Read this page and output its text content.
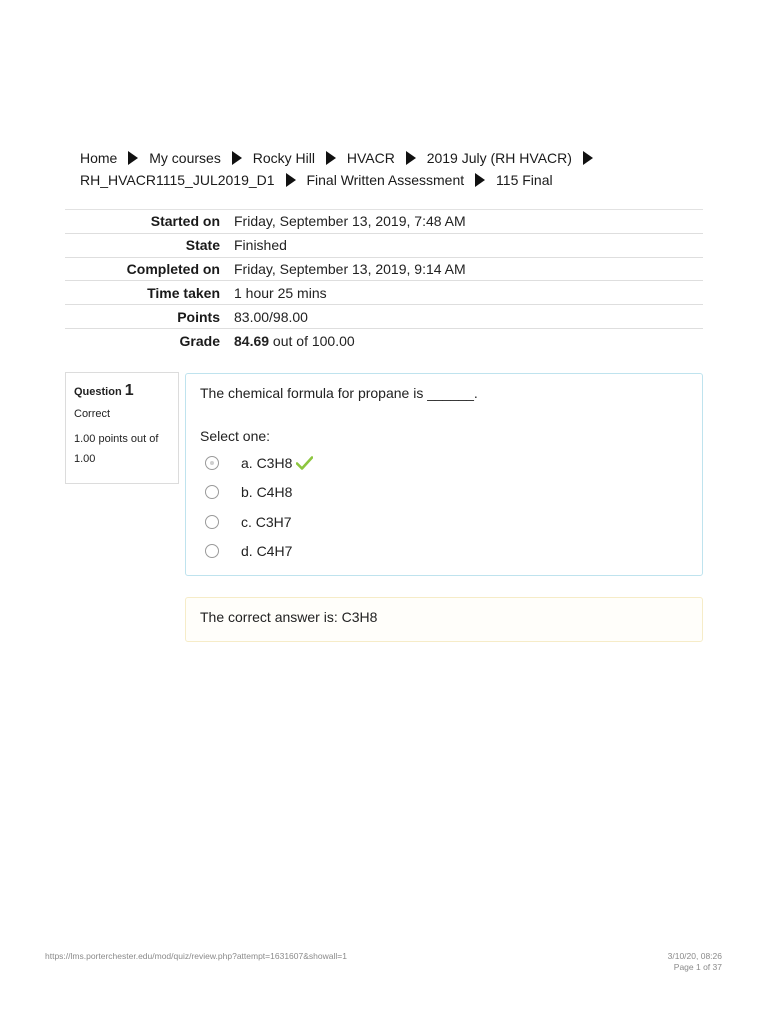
Home My courses Rocky Hill HVACR 2019 July (RH HVACR)
RH_HVACR1115_JUL2019_D1 Final Written Assessment 115 Final
Started on	Friday, September 13, 2019, 7:48 AM
State	Finished
Completed on	Friday, September 13, 2019, 9:14 AM
Time taken	1 hour 25 mins
Points	83.00/98.00
Grade	84.69 out of 100.00
Question 1
Correct
1.00 points out of 1.00

The chemical formula for propane is ______.

Select one:
a. C3H8
b. C4H8
c. C3H7
d. C4H7
The correct answer is: C3H8
https://lms.porterchester.edu/mod/quiz/review.php?attempt=1631607&showall=1	3/10/20, 08:26
Page 1 of 37
